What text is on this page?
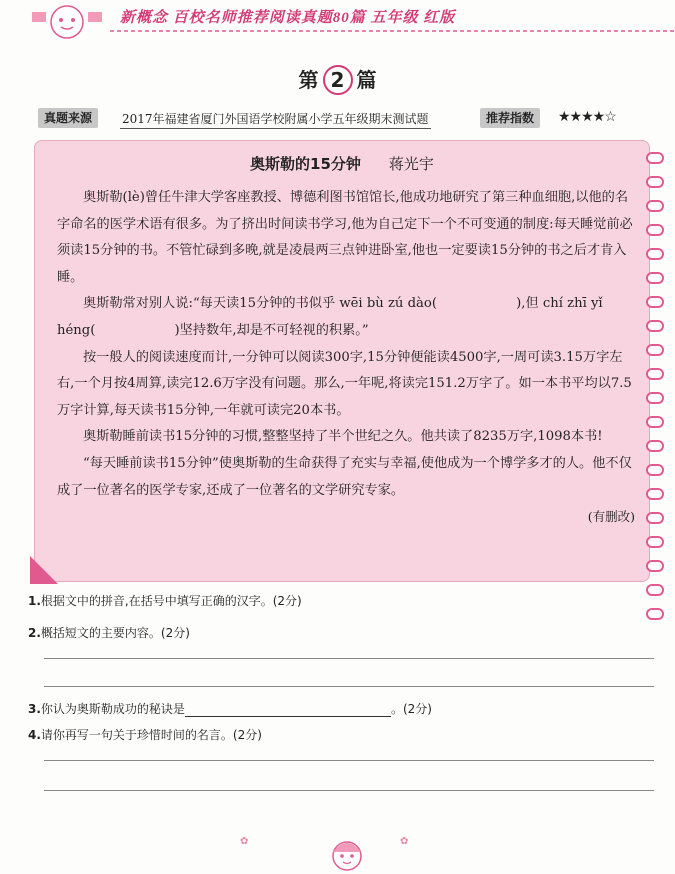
新概念 百校名师推荐阅读真题80篇 五年级 红版
第 2 篇
真题来源	2017年福建省厦门外国语学校附属小学五年级期末测试题	推荐指数	★★★★☆
奥斯勒的15分钟 蒋光宇

奥斯勒(lè)曾任牛津大学客座教授、博德利图书馆馆长,他成功地研究了第三种血细胞,以他的名字命名的医学术语有很多。为了挤出时间读书学习,他为自己定下一个不可变通的制度:每天睡觉前必须读15分钟的书。不管忙碌到多晚,就是凌晨两三点钟进卧室,他也一定要读15分钟的书之后才肯入睡。

奥斯勒常对别人说:“每天读15分钟的书似乎 wēi bù zú dào(　　　　　　),但 chí zhī yǐ héng(　　　　　　)坚持数年,却是不可轻视的积累。”

按一般人的阅读速度而计,一分钟可以阅读300字,15分钟便能读4500字,一周可读3.15万字左右,一个月按4周算,读完12.6万字没有问题。那么,一年呢,将读完151.2万字了。如一本书平均以7.5万字计算,每天读书15分钟,一年就可读完20本书。

奥斯勒睡前读书15分钟的习惯,整整坚持了半个世纪之久。他共读了8235万字,1098本书!

“每天睡前读书15分钟”使奥斯勒的生命获得了充实与幸福,使他成为一个博学多才的人。他不仅成了一位著名的医学专家,还成了一位著名的文学研究专家。

(有删改)

1.根据文中的拼音,在括号中填写正确的汉字。(2分)
2.概括短文的主要内容。(2分)
3.你认为奥斯勒成功的秘诀是	。(2分)
4.请你再写一句关于珍惜时间的名言。(2分)
✿	✿
